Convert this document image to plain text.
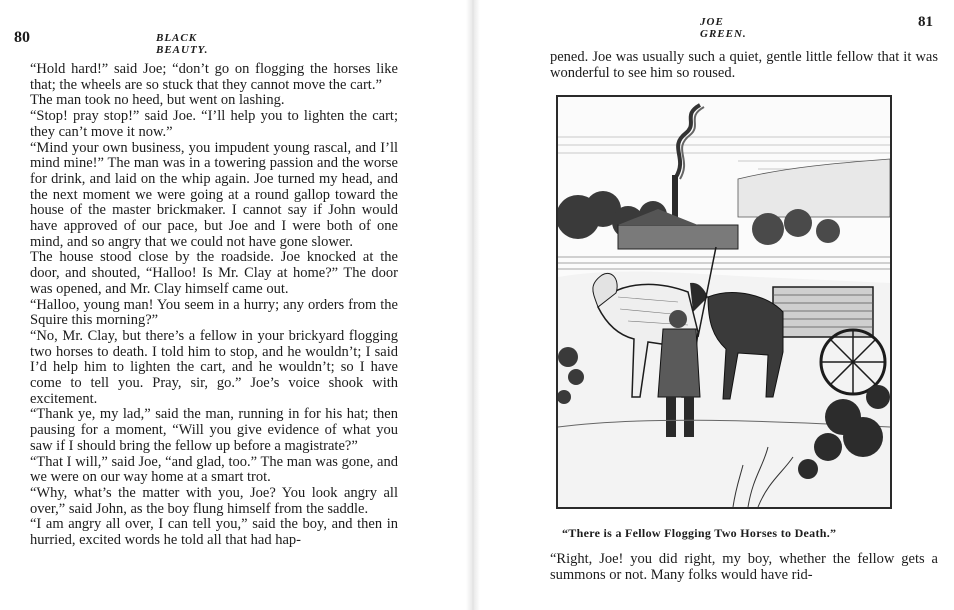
80	BLACK BEAUTY.

“Hold hard!” said Joe; “don’t go on flogging the horses like that; the wheels are so stuck that they cannot move the cart.”

The man took no heed, but went on lashing.

“Stop! pray stop!” said Joe. “I’ll help you to lighten the cart; they can’t move it now.”

“Mind your own business, you impudent young rascal, and I’ll mind mine!” The man was in a towering passion and the worse for drink, and laid on the whip again. Joe turned my head, and the next moment we were going at a round gallop toward the house of the master brickmaker. I cannot say if John would have approved of our pace, but Joe and I were both of one mind, and so angry that we could not have gone slower.

The house stood close by the roadside. Joe knocked at the door, and shouted, “Halloo! Is Mr. Clay at home?” The door was opened, and Mr. Clay himself came out.

“Halloo, young man! You seem in a hurry; any orders from the Squire this morning?”

“No, Mr. Clay, but there’s a fellow in your brickyard flogging two horses to death. I told him to stop, and he wouldn’t; I said I’d help him to lighten the cart, and he wouldn’t; so I have come to tell you. Pray, sir, go.” Joe’s voice shook with excitement.

“Thank ye, my lad,” said the man, running in for his hat; then pausing for a moment, “Will you give evidence of what you saw if I should bring the fellow up before a magistrate?”

“That I will,” said Joe, “and glad, too.” The man was gone, and we were on our way home at a smart trot.

“Why, what’s the matter with you, Joe? You look angry all over,” said John, as the boy flung himself from the saddle.

“I am angry all over, I can tell you,” said the boy, and then in hurried, excited words he told all that had hap-

JOE GREEN.
81

pened. Joe was usually such a quiet, gentle little fellow that it was wonderful to see him so roused.

“There is a Fellow Flogging Two Horses to Death.”

“Right, Joe! you did right, my boy, whether the fellow gets a summons or not. Many folks would have rid-
